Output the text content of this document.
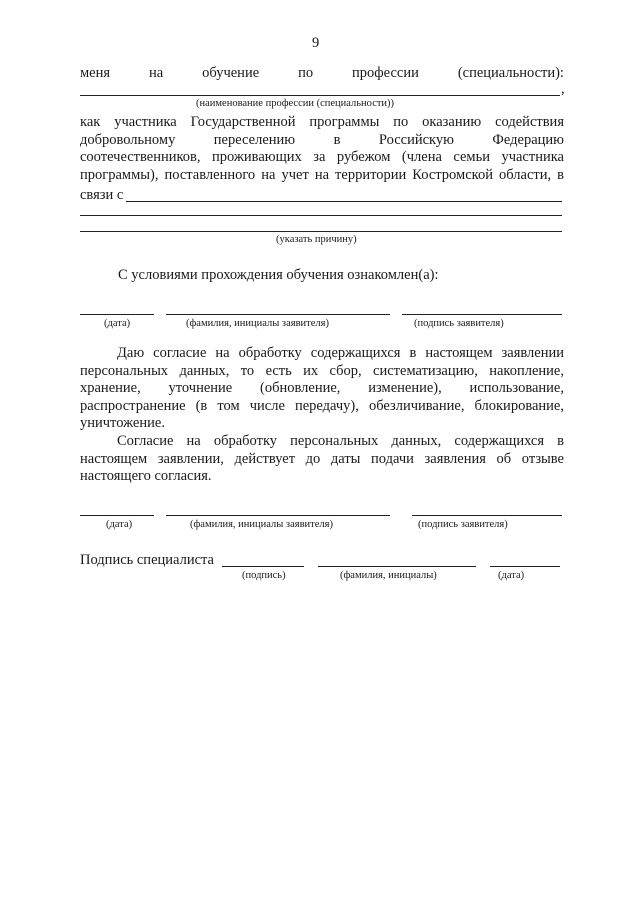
9
меня	на	обучение	по	профессии	(специальности):
,
(наименование профессии (специальности))
как участника Государственной программы по оказанию содействия
добровольному переселению в Российскую Федерацию
соотечественников, проживающих за рубежом (члена семьи участника
программы), поставленного на учет на территории Костромской области, в
связи с
(указать причину)
С условиями прохождения обучения ознакомлен(а):
(дата)	(фамилия, инициалы заявителя)	(подпись заявителя)
Даю согласие на обработку содержащихся в настоящем заявлении
персональных данных, то есть их сбор, систематизацию, накопление,
хранение, уточнение (обновление, изменение), использование,
распространение (в том числе передачу), обезличивание, блокирование,
уничтожение.
Согласие на обработку персональных данных, содержащихся в
настоящем заявлении, действует до даты подачи заявления об отзыве
настоящего согласия.
(дата)	(фамилия, инициалы заявителя)	(подпись заявителя)
Подпись специалиста
(подпись)	(фамилия, инициалы)	(дата)
